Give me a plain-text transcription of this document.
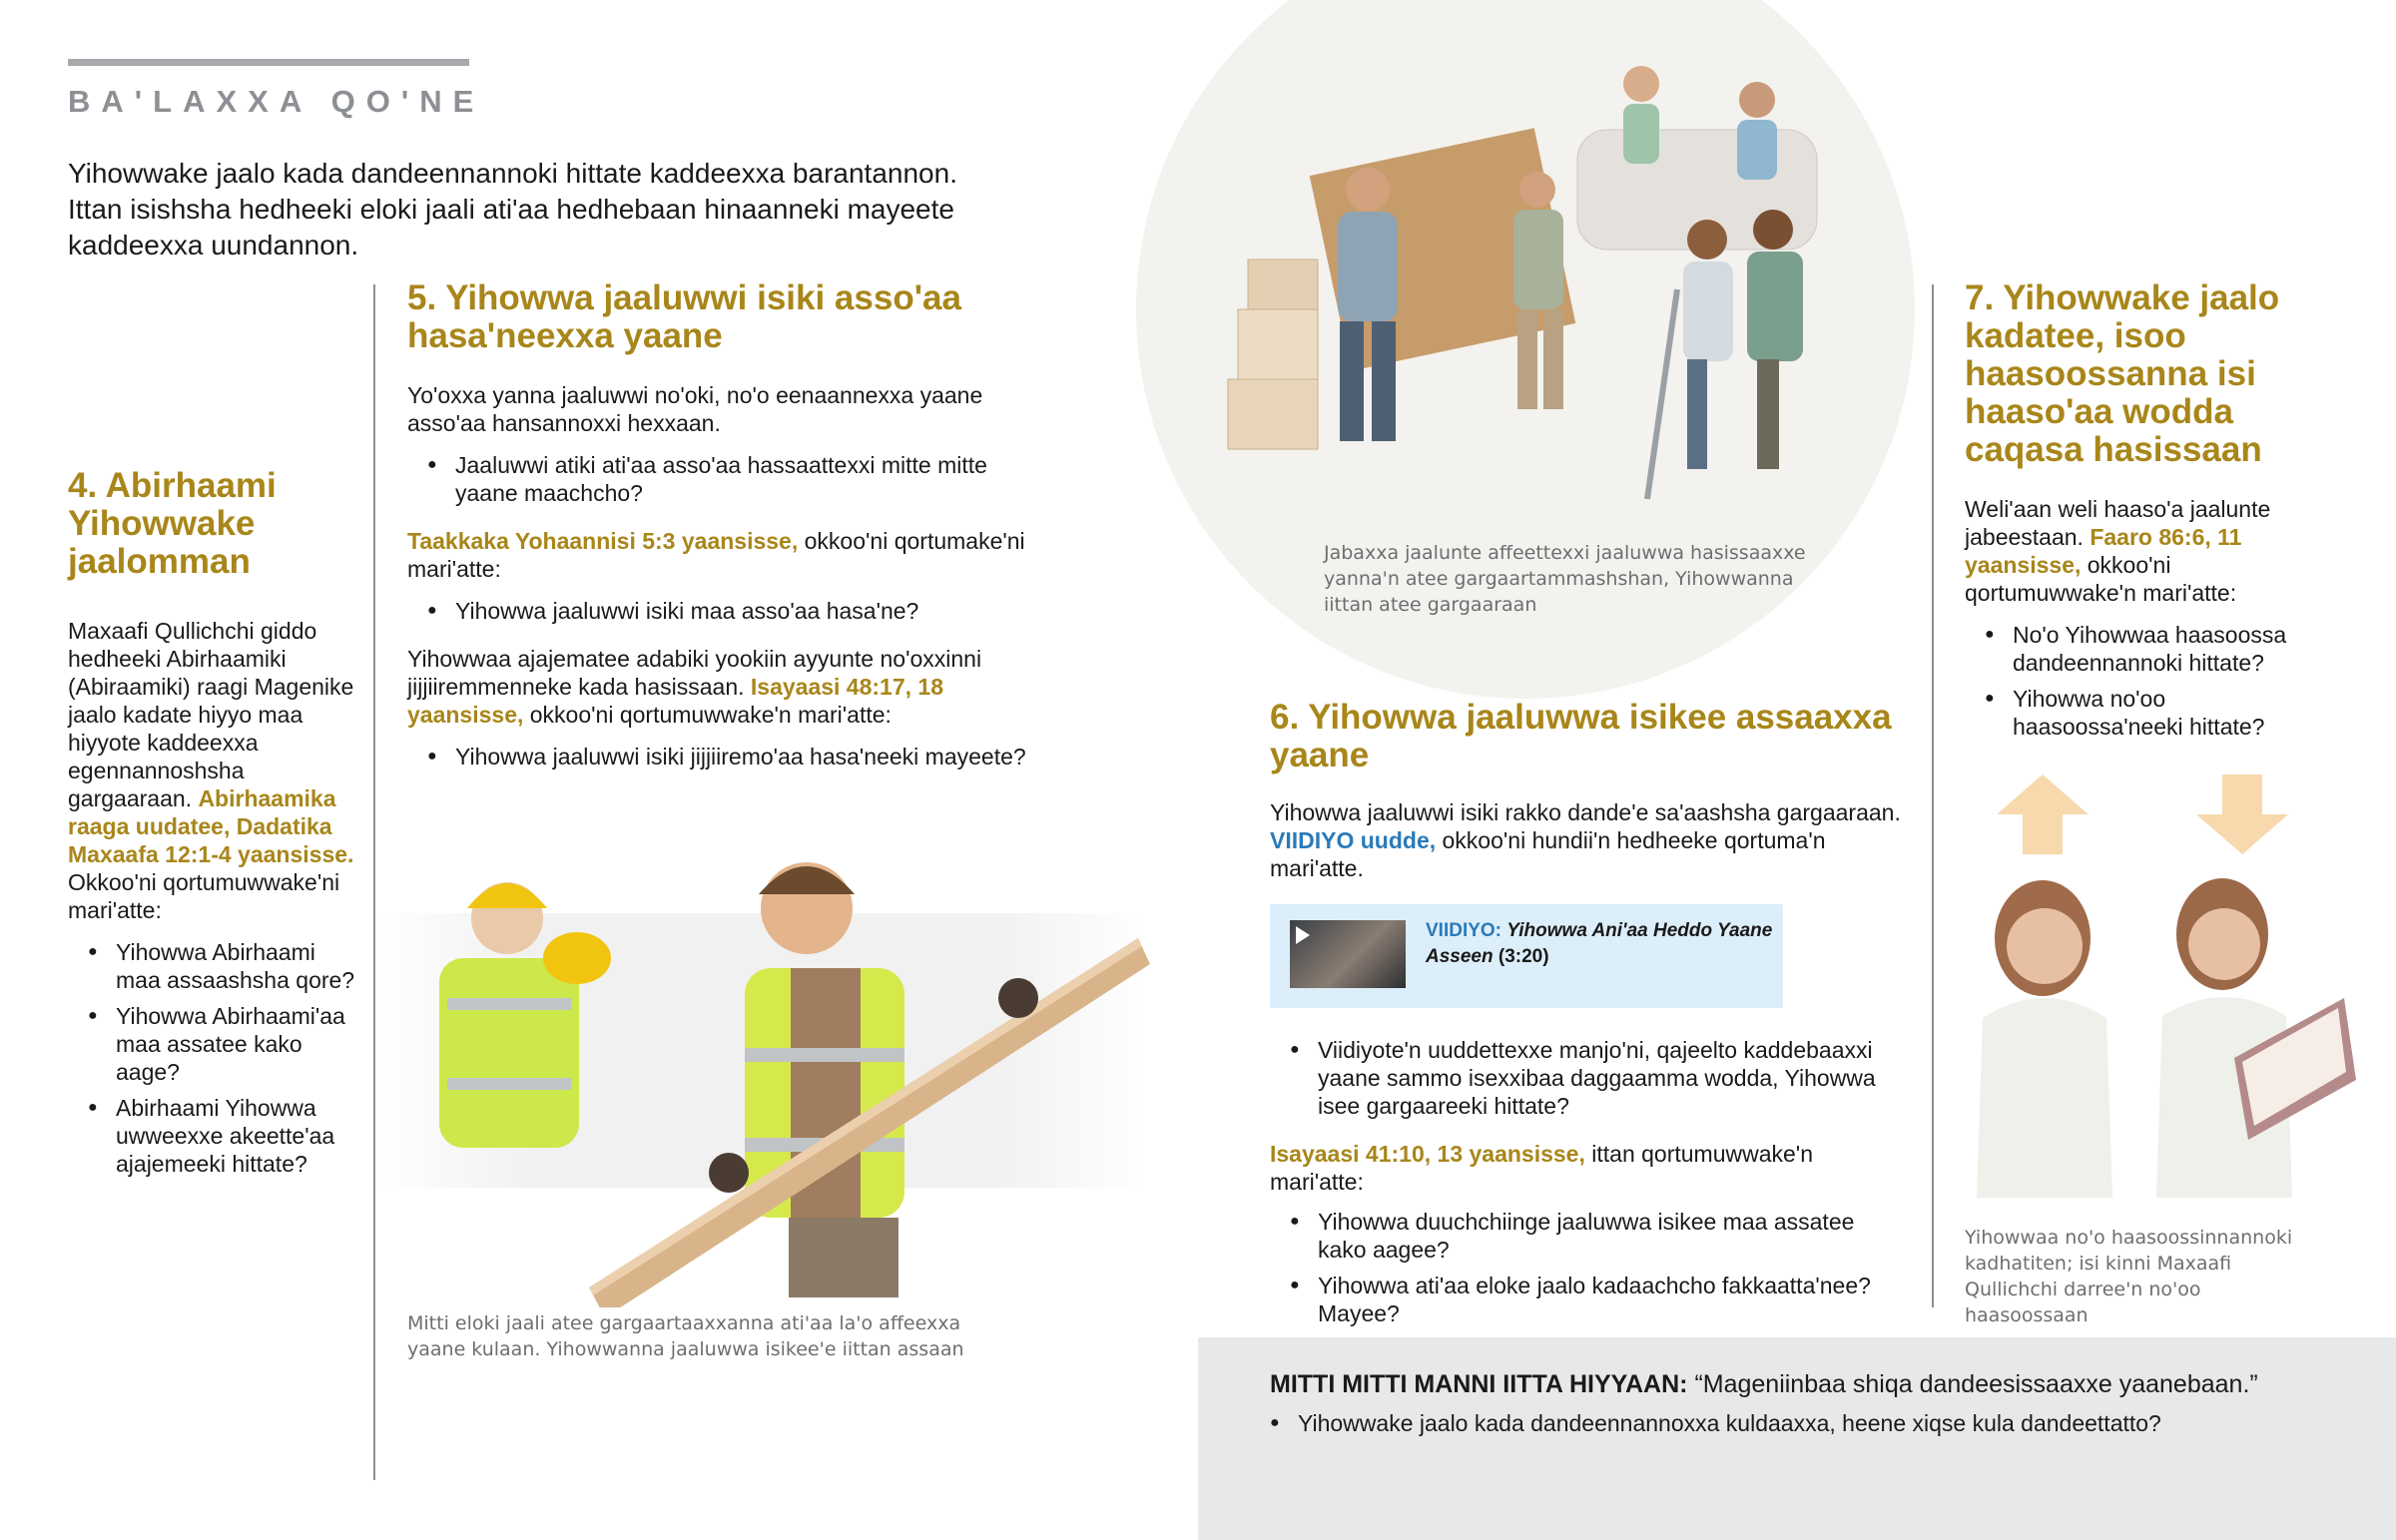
BA'LAXXA QO'NE
Yihowwake jaalo kada dandeennannoki hittate kaddeexxa barantannon. Ittan isishsha hedheeki eloki jaali ati'aa hedhebaan hinaanneki mayeete kaddeexxa uundannon.
4. Abirhaami Yihowwake jaalomman
Maxaafi Qullichchi giddo hedheeki Abirhaamiki (Abiraamiki) raagi Magenike jaalo kadate hiyyo maa hiyyote kaddeexxa egennannoshsha gargaaraan. Abirhaamika raaga uudatee, Dadatika Maxaafa 12:1-4 yaansisse. Okkoo'ni qortumuwwake'ni mari'atte:
● Yihowwa Abirhaami maa assaashsha qore?
● Yihowwa Abirhaami'aa maa assatee kako aage?
● Abirhaami Yihowwa uwweexxe akeette'aa ajajemeeki hittate?
5. Yihowwa jaaluwwi isiki asso'aa hasa'neexxa yaane
Yo'oxxa yanna jaaluwwi no'oki, no'o eenaannexxa yaane asso'aa hansannoxxi hexxaan.
● Jaaluwwi atiki ati'aa asso'aa hassaattexxi mitte mitte yaane maachcho?
Taakkaka Yohaannisi 5:3 yaansisse, okkoo'ni qortumake'ni mari'atte:
● Yihowwa jaaluwwi isiki maa asso'aa hasa'ne?
Yihowwaa ajajematee adabiki yookiin ayyunte no'oxxinni jijjiiremmenneke kada hasissaan. Isayaasi 48:17, 18 yaansisse, okkoo'ni qortumuwwake'n mari'atte:
● Yihowwa jaaluwwi isiki jijjiiremo'aa hasa'neeki mayeete?
Mitti eloki jaali atee gargaartaaxxanna ati'aa la'o affeexxa yaane kulaan. Yihowwanna jaaluwwa isikee'e iittan assaan
Jabaxxa jaalunte affeettexxi jaaluwwa hasissaaxxe yanna'n atee gargaartammashshan, Yihowwanna iittan atee gargaaraan
6. Yihowwa jaaluwwa isikee assaaxxa yaane
Yihowwa jaaluwwi isiki rakko dande'e sa'aashsha gargaaraan. VIIDIYO uudde, okkoo'ni hundii'n hedheeke qortuma'n mari'atte.
VIIDIYO: Yihowwa Ani'aa Heddo Yaane Asseen (3:20)
● Viidiyote'n uuddettexxe manjo'ni, qajeelto kaddebaaxxi yaane sammo isexxibaa daggaamma wodda, Yihowwa isee gargaareeki hittate?
Isayaasi 41:10, 13 yaansisse, ittan qortumuwwake'n mari'atte:
● Yihowwa duuchchiinge jaaluwwa isikee maa assatee kako aagee?
● Yihowwa ati'aa eloke jaalo kadaachcho fakkaatta'nee? Mayee?
7. Yihowwake jaalo kadatee, isoo haasoossanna isi haaso'aa wodda caqasa hasissaan
Weli'aan weli haaso'a jaalunte jabeestaan. Faaro 86:6, 11 yaansisse, okkoo'ni qortumuwwake'n mari'atte:
● No'o Yihowwaa haasoossa dandeennannoki hittate?
● Yihowwa no'oo haasoossa'neeki hittate?
Yihowwaa no'o haasoossinnannoki kadhatiten; isi kinni Maxaafi Qullichchi darree'n no'oo haasoossaan
MITTI MITTI MANNI IITTA HIYYAAN: “Mageniinbaa shiqa dandeesissaaxxe yaanebaan.”
● Yihowwake jaalo kada dandeennannoxxa kuldaaxxa, heene xiqse kula dandeettatto?
